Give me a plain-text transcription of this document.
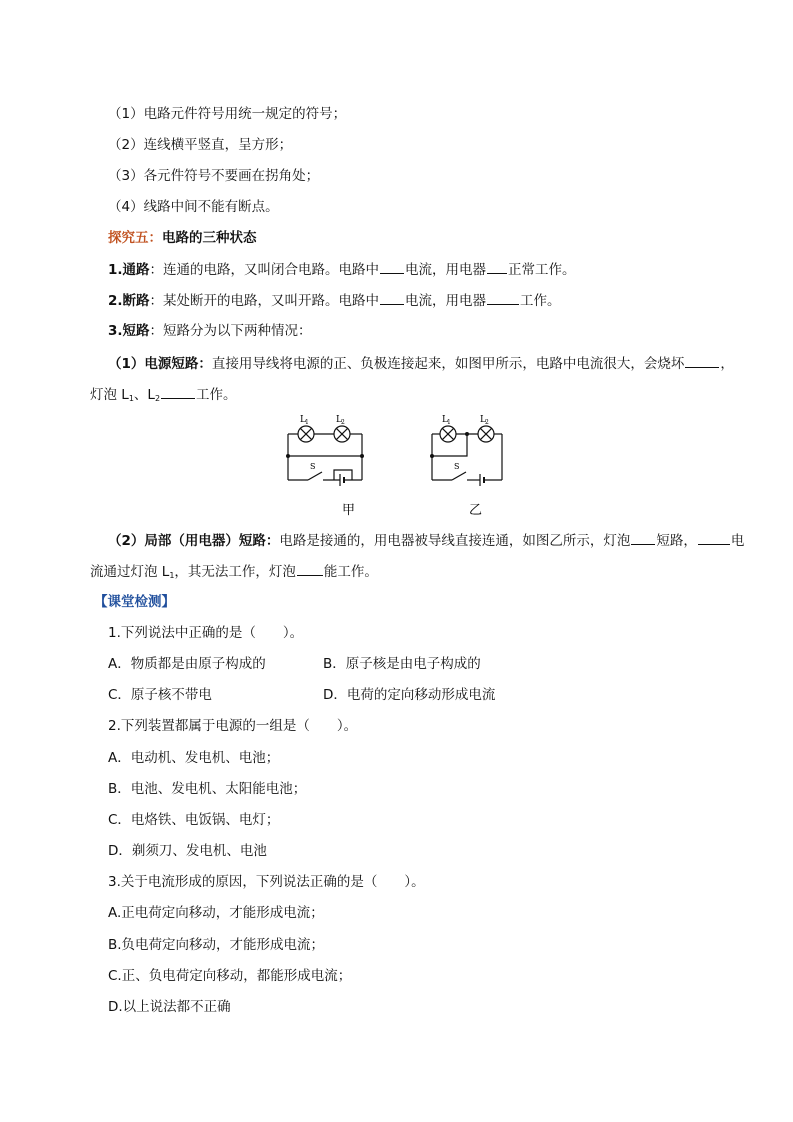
（1）电路元件符号用统一规定的符号；
（2）连线横平竖直，呈方形；
（3）各元件符号不要画在拐角处；
（4）线路中间不能有断点。
探究五：电路的三种状态
1.通路：连通的电路，又叫闭合电路。电路中 电流，用电器 正常工作。
2.断路：某处断开的电路，又叫开路。电路中 电流，用电器	工作。
3.短路：短路分为以下两种情况：
（1）电源短路：直接用导线将电源的正、负极连接起来，如图甲所示，电路中电流很大，会烧坏	，
灯泡 $L_1$、$L_2$	工作。
L 1	L 2
S
甲
L 1	L 2
S
乙
（2）局部（用电器）短路：电路是接通的，用电器被导线直接连通，如图乙所示，灯泡 短路，	电
流通过灯泡 $L_1$，其无法工作，灯泡 能工作。
【课堂检测】
1.下列说法中正确的是（　　）。
A．物质都是由原子构成的	B．原子核是由电子构成的
C．原子核不带电	D．电荷的定向移动形成电流
2.下列装置都属于电源的一组是（　　）。
A．电动机、发电机、电池；
B．电池、发电机、太阳能电池；
C．电烙铁、电饭锅、电灯；
D．剃须刀、发电机、电池
3.关于电流形成的原因，下列说法正确的是（　　）。
A.正电荷定向移动，才能形成电流；
B.负电荷定向移动，才能形成电流；
C.正、负电荷定向移动，都能形成电流；
D.以上说法都不正确
